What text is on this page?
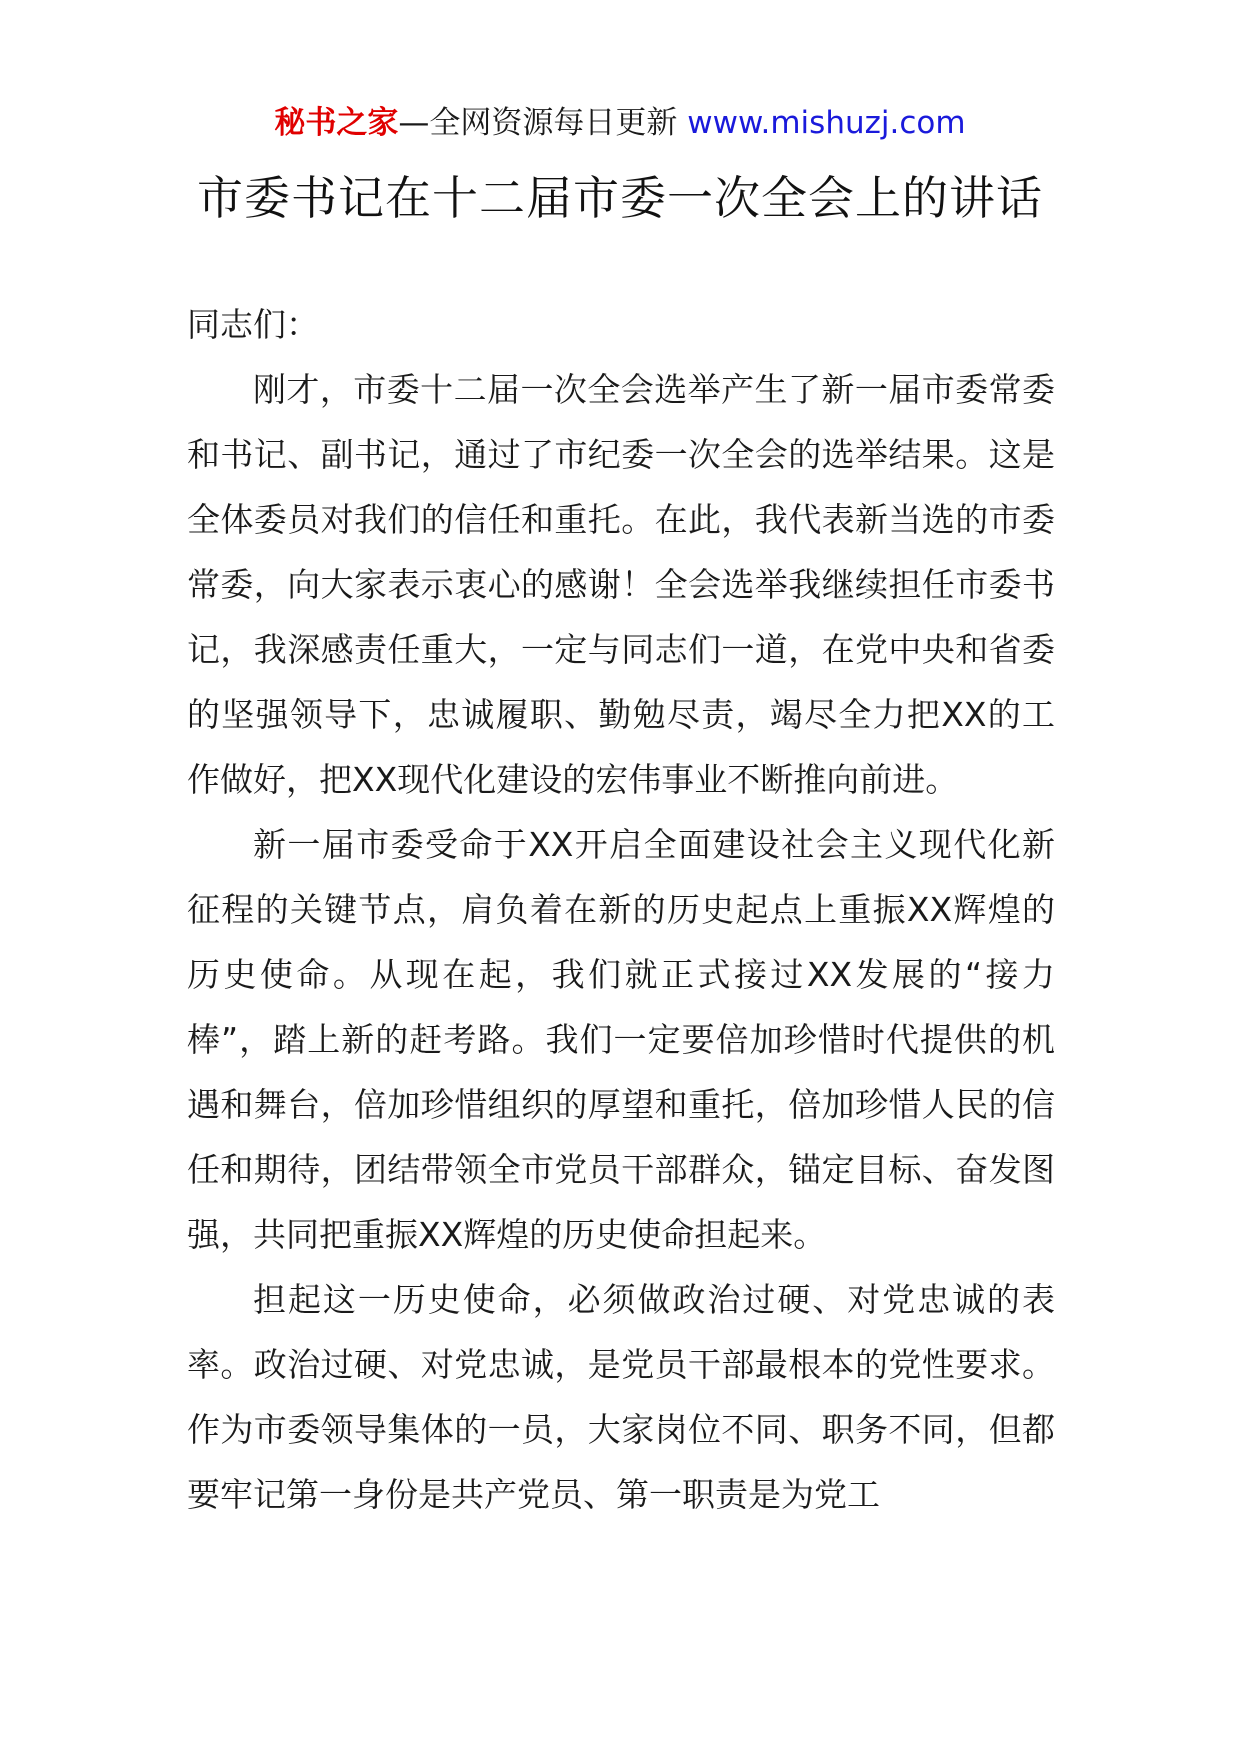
秘书之家—全网资源每日更新 www.mishuzj.com
市委书记在十二届市委一次全会上的讲话

同志们：

刚才，市委十二届一次全会选举产生了新一届市委常委和书记、副书记，通过了市纪委一次全会的选举结果。这是全体委员对我们的信任和重托。在此，我代表新当选的市委常委，向大家表示衷心的感谢！全会选举我继续担任市委书记，我深感责任重大，一定与同志们一道，在党中央和省委的坚强领导下，忠诚履职、勤勉尽责，竭尽全力把XX的工作做好，把XX现代化建设的宏伟事业不断推向前进。

新一届市委受命于XX开启全面建设社会主义现代化新征程的关键节点，肩负着在新的历史起点上重振XX辉煌的历史使命。从现在起，我们就正式接过XX发展的“接力棒”，踏上新的赶考路。我们一定要倍加珍惜时代提供的机遇和舞台，倍加珍惜组织的厚望和重托，倍加珍惜人民的信任和期待，团结带领全市党员干部群众，锚定目标、奋发图强，共同把重振XX辉煌的历史使命担起来。

担起这一历史使命，必须做政治过硬、对党忠诚的表率。政治过硬、对党忠诚，是党员干部最根本的党性要求。作为市委领导集体的一员，大家岗位不同、职务不同，但都要牢记第一身份是共产党员、第一职责是为党工
